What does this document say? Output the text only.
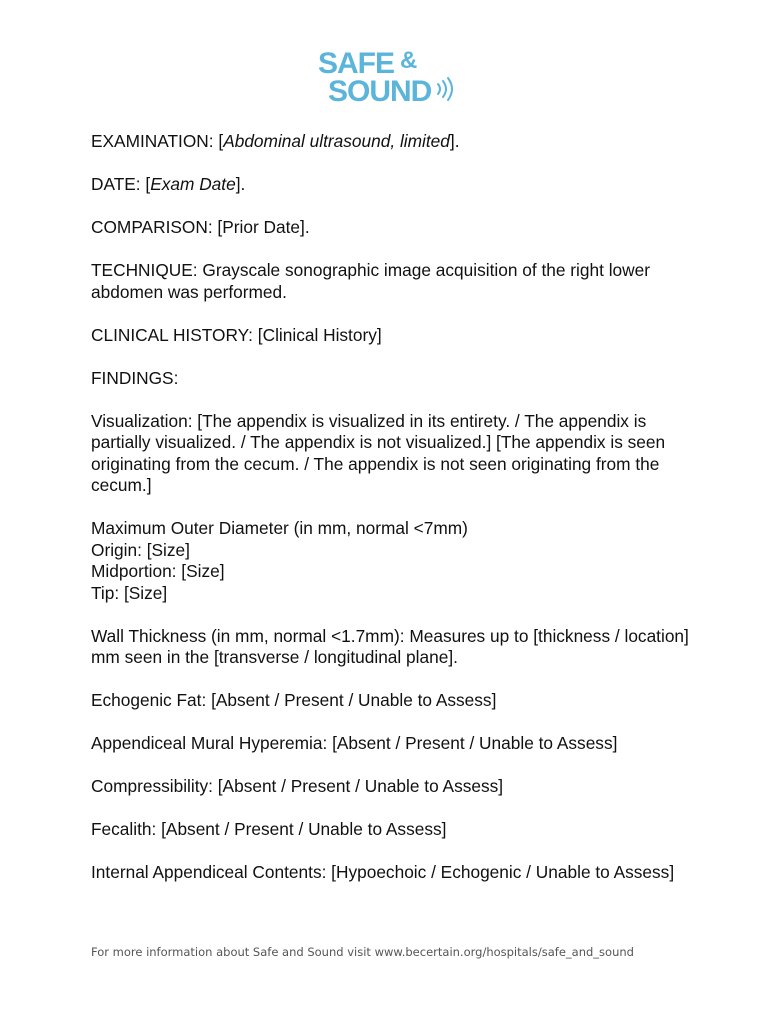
SAFE &
SOUND

EXAMINATION: [Abdominal ultrasound, limited].

DATE: [Exam Date].

COMPARISON: [Prior Date].

TECHNIQUE: Grayscale sonographic image acquisition of the right lower abdomen was performed.

CLINICAL HISTORY: [Clinical History]

FINDINGS:

Visualization: [The appendix is visualized in its entirety. / The appendix is partially visualized. / The appendix is not visualized.] [The appendix is seen originating from the cecum. / The appendix is not seen originating from the cecum.]

Maximum Outer Diameter (in mm, normal <7mm)

Origin: [Size]

Midportion: [Size]

Tip: [Size]

Wall Thickness (in mm, normal <1.7mm): Measures up to [thickness / location] mm seen in the [transverse / longitudinal plane].

Echogenic Fat: [Absent / Present / Unable to Assess]

Appendiceal Mural Hyperemia: [Absent / Present / Unable to Assess]

Compressibility: [Absent / Present / Unable to Assess]

Fecalith: [Absent / Present / Unable to Assess]

Internal Appendiceal Contents: [Hypoechoic / Echogenic / Unable to Assess]

For more information about Safe and Sound visit www.becertain.org/hospitals/safe_and_sound
